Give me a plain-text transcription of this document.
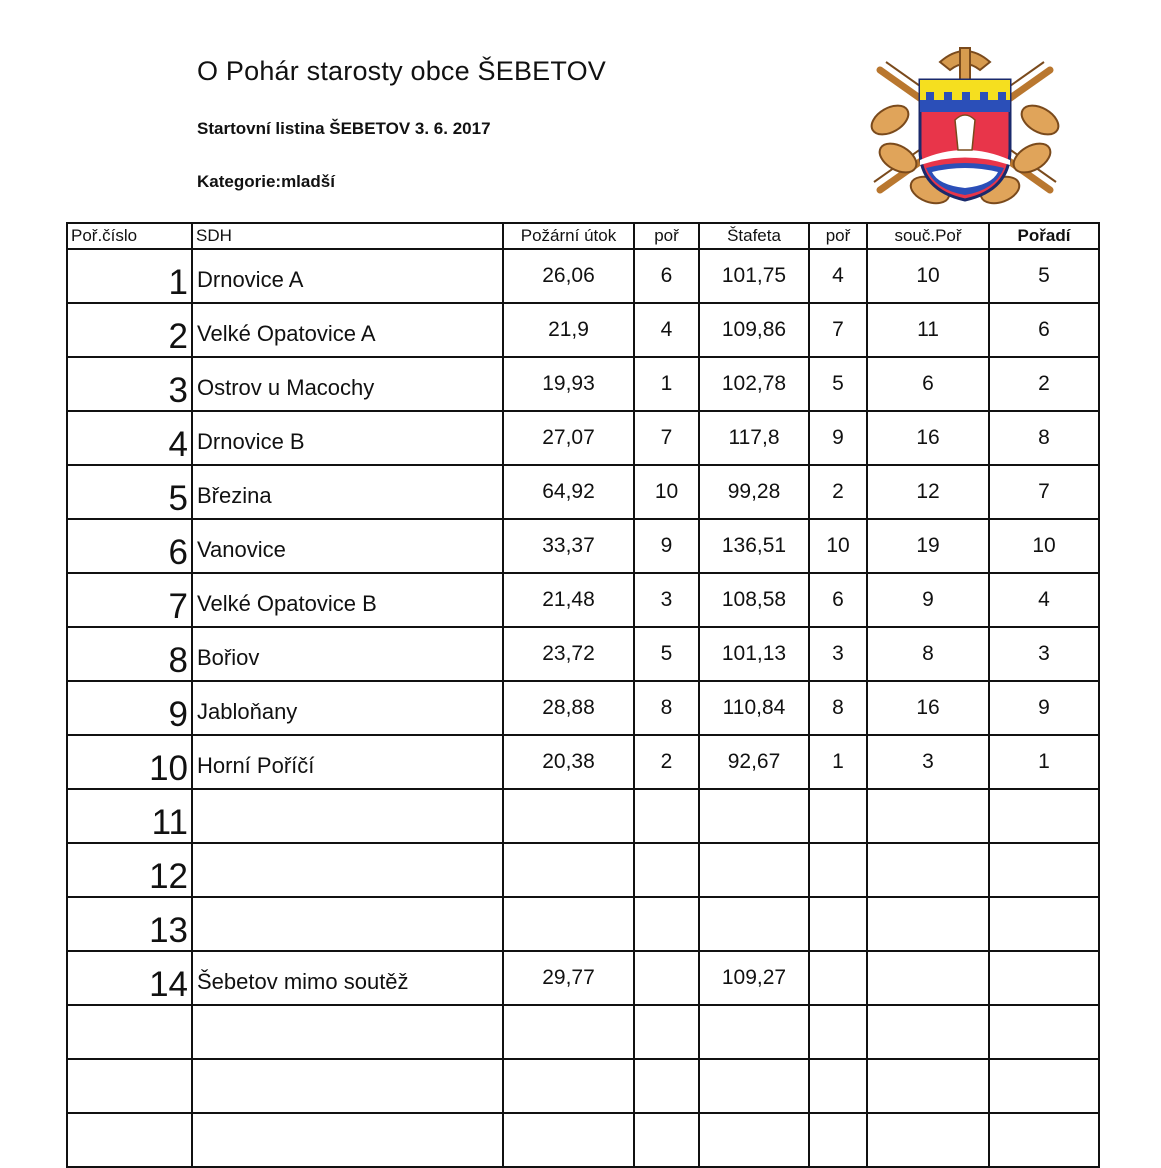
O Pohár starosty obce ŠEBETOV
Startovní listina ŠEBETOV 3. 6. 2017
Kategorie:mladší
Poř.číslo	SDH	Požární útok	poř	Štafeta	poř	souč.Poř	Pořadí
1	Drnovice A	26,06	6	101,75	4	10	5
2	Velké Opatovice A	21,9	4	109,86	7	11	6
3	Ostrov u Macochy	19,93	1	102,78	5	6	2
4	Drnovice B	27,07	7	117,8	9	16	8
5	Březina	64,92	10	99,28	2	12	7
6	Vanovice	33,37	9	136,51	10	19	10
7	Velké Opatovice B	21,48	3	108,58	6	9	4
8	Bořiov	23,72	5	101,13	3	8	3
9	Jabloňany	28,88	8	110,84	8	16	9
10	Horní Poříčí	20,38	2	92,67	1	3	1
11							
12							
13							
14	Šebetov mimo soutěž	29,77		109,27			
